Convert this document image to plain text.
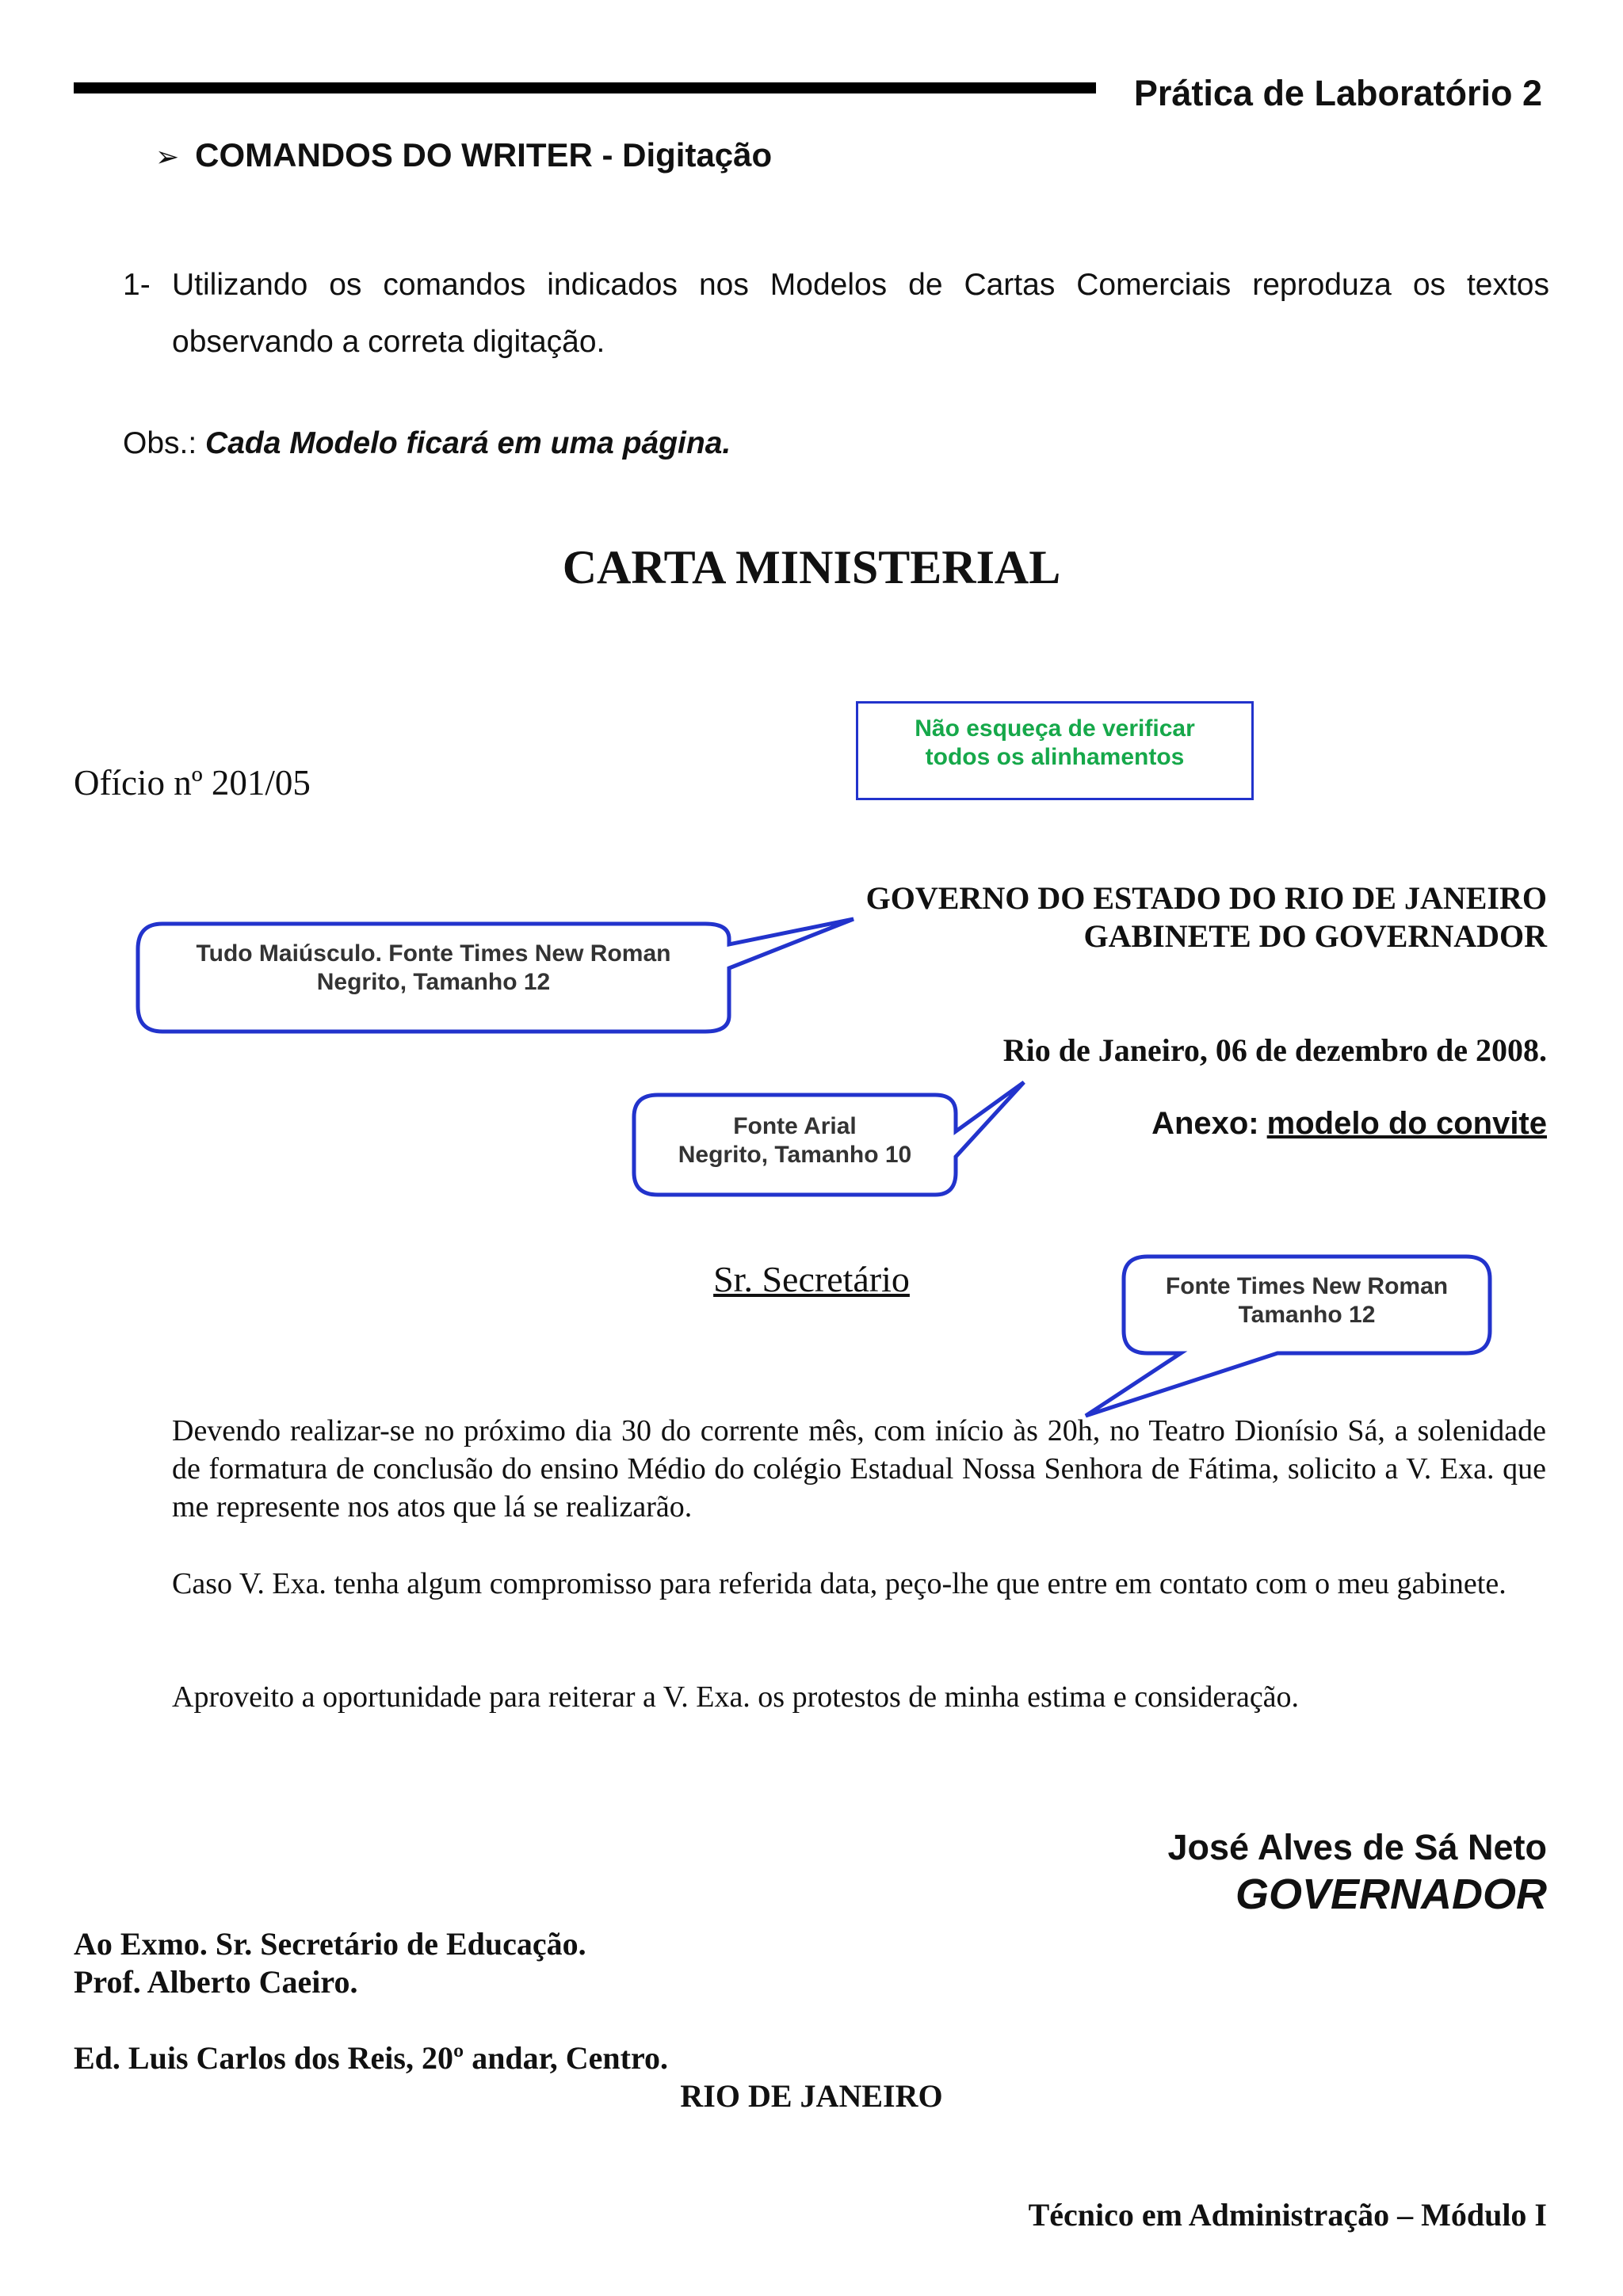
Prática de Laboratório 2
➢ COMANDOS DO WRITER - Digitação
1- Utilizando os comandos indicados nos Modelos de Cartas Comerciais reproduza os textos observando a correta digitação.
Obs.: Cada Modelo ficará em uma página.
CARTA MINISTERIAL
Não esqueça de verificar
todos os alinhamentos
Tudo Maiúsculo. Fonte Times New Roman
Negrito, Tamanho 12
Fonte Arial
Negrito, Tamanho 10
Fonte Times New Roman
Tamanho 12
Ofício nº 201/05
GOVERNO DO ESTADO DO RIO DE JANEIRO
GABINETE DO GOVERNADOR
Rio de Janeiro, 06 de dezembro de 2008.
Anexo: modelo do convite
Sr. Secretário
Devendo realizar-se no próximo dia 30 do corrente mês, com início às 20h, no Teatro Dionísio Sá, a solenidade de formatura de conclusão do ensino Médio do colégio Estadual Nossa Senhora de Fátima, solicito a V. Exa. que me represente nos atos que lá se realizarão.
Caso V. Exa. tenha algum compromisso para referida data, peço-lhe que entre em contato com o meu gabinete.
Aproveito a oportunidade para reiterar a V. Exa. os protestos de minha estima e consideração.
José Alves de Sá Neto
GOVERNADOR
Ao Exmo. Sr. Secretário de Educação.
Prof. Alberto Caeiro.
Ed. Luis Carlos dos Reis, 20º andar, Centro.
RIO DE JANEIRO
Técnico em Administração – Módulo I
